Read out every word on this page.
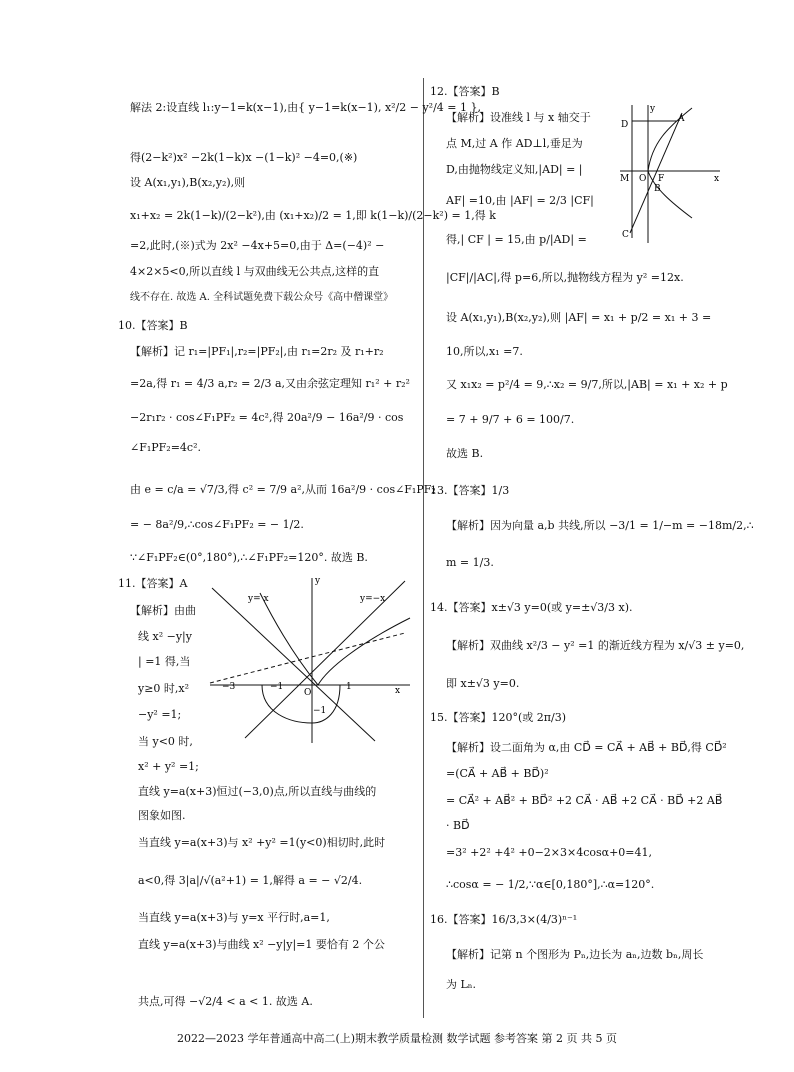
解法 2:设直线 l₁:y−1=k(x−1),由{ y−1=k(x−1), x²/2 − y²/4 = 1 },
得(2−k²)x² −2k(1−k)x −(1−k)² −4=0,(※)
设 A(x₁,y₁),B(x₂,y₂),则
x₁+x₂ = 2k(1−k)/(2−k²),由 (x₁+x₂)/2 = 1,即 k(1−k)/(2−k²) = 1,得 k
=2,此时,(※)式为 2x² −4x+5=0,由于 Δ=(−4)² −
4×2×5<0,所以直线 l 与双曲线无公共点,这样的直
线不存在. 故选 A. 全科试题免费下载公众号《高中僧课堂》
10.【答案】B
【解析】记 r₁=|PF₁|,r₂=|PF₂|,由 r₁=2r₂ 及 r₁+r₂
=2a,得 r₁ = 4/3 a,r₂ = 2/3 a,又由余弦定理知 r₁² + r₂²
−2r₁r₂ · cos∠F₁PF₂ = 4c²,得 20a²/9 − 16a²/9 · cos
∠F₁PF₂=4c².
由 e = c/a = √7/3,得 c² = 7/9 a²,从而 16a²/9 · cos∠F₁PF₂
= − 8a²/9,∴cos∠F₁PF₂ = − 1/2.
∵∠F₁PF₂∈(0°,180°),∴∠F₁PF₂=120°. 故选 B.
11.【答案】A
【解析】由曲
线 x² −y|y
| =1 得,当
y≥0 时,x²
−y² =1;
当 y<0 时,
x² + y² =1;
直线 y=a(x+3)恒过(−3,0)点,所以直线与曲线的
图象如图.
当直线 y=a(x+3)与 x² +y² =1(y<0)相切时,此时
a<0,得 3|a|/√(a²+1) = 1,解得 a = − √2/4.
当直线 y=a(x+3)与 y=x 平行时,a=1,
直线 y=a(x+3)与曲线 x² −y|y|=1 要恰有 2 个公
共点,可得 −√2/4 < a < 1. 故选 A.
y= x	y=−x
y
x
O
−3	−1	1
−1
12.【答案】B
【解析】设准线 l 与 x 轴交于
点 M,过 A 作 AD⊥l,垂足为
D,由抛物线定义知,|AD| = |
AF| =10,由 |AF| = 2/3 |CF|
得,| CF | = 15,由 p/|AD| =
|CF|/|AC|,得 p=6,所以,抛物线方程为 y² =12x.
设 A(x₁,y₁),B(x₂,y₂),则 |AF| = x₁ + p/2 = x₁ + 3 =
10,所以,x₁ =7.
又 x₁x₂ = p²/4 = 9,∴x₂ = 9/7,所以,|AB| = x₁ + x₂ + p
= 7 + 9/7 + 6 = 100/7.
故选 B.
13.【答案】1/3
【解析】因为向量 a,b 共线,所以 −3/1 = 1/−m = −18m/2,∴
m = 1/3.
14.【答案】x±√3 y=0(或 y=±√3/3 x).
【解析】双曲线 x²/3 − y² =1 的渐近线方程为 x/√3 ± y=0,
即 x±√3 y=0.
15.【答案】120°(或 2π/3)
【解析】设二面角为 α,由 CD⃗ = CA⃗ + AB⃗ + BD⃗,得 CD⃗²
=(CA⃗ + AB⃗ + BD⃗)²
= CA⃗² + AB⃗² + BD⃗² +2 CA⃗ · AB⃗ +2 CA⃗ · BD⃗ +2 AB⃗
· BD⃗
=3² +2² +4² +0−2×3×4cosα+0=41,
∴cosα = − 1/2,∵α∈[0,180°],∴α=120°.
16.【答案】16/3,3×(4/3)ⁿ⁻¹
【解析】记第 n 个图形为 Pₙ,边长为 aₙ,边数 bₙ,周长
为 Lₙ.
D
y
A
M O F	x
B
C
2022—2023 学年普通高中高二(上)期末教学质量检测 数学试题 参考答案 第 2 页 共 5 页
